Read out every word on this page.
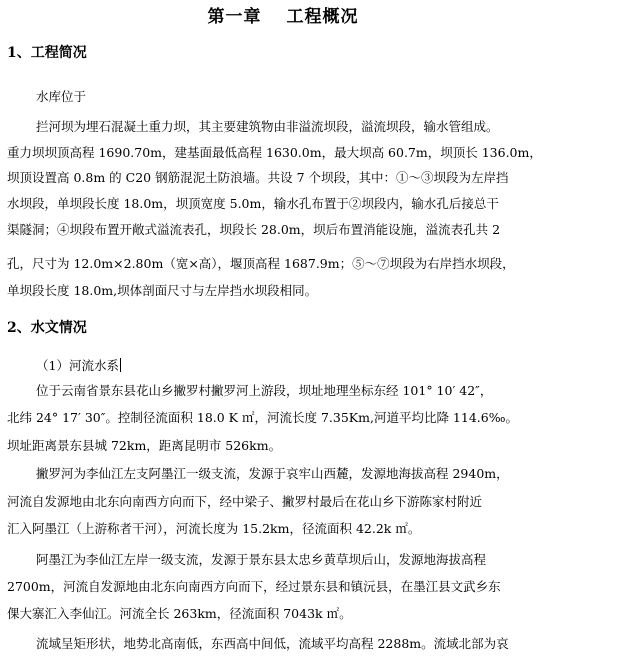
第一章　 工程概况
1、工程简况
水库位于
拦河坝为埋石混凝土重力坝，其主要建筑物由非溢流坝段，溢流坝段，输水管组成。
重力坝坝顶高程 1690.70m，建基面最低高程 1630.0m，最大坝高 60.7m，坝顶长 136.0m，
坝顶设置高 0.8m 的 C20 钢筋混泥土防浪墙。共设 7 个坝段，其中：①～③坝段为左岸挡
水坝段，单坝段长度 18.0m，坝顶宽度 5.0m，输水孔布置于②坝段内，输水孔后接总干
渠隧洞；④坝段布置开敞式溢流表孔，坝段长 28.0m，坝后布置消能设施，溢流表孔共 2
孔，尺寸为 12.0m×2.80m（宽×高），堰顶高程 1687.9m；⑤～⑦坝段为右岸挡水坝段，
单坝段长度 18.0m,坝体剖面尺寸与左岸挡水坝段相同。
2、水文情况
（1）河流水系
位于云南省景东县花山乡撇罗村撇罗河上游段，坝址地理坐标东经 101° 10′ 42″，
北纬 24° 17′ 30″。控制径流面积 18.0 K ㎡，河流长度 7.35Km,河道平均比降 114.6‰。
坝址距离景东县城 72km，距离昆明市 526km。
撇罗河为李仙江左支阿墨江一级支流，发源于哀牢山西麓，发源地海拔高程 2940m，
河流自发源地由北东向南西方向而下，经中梁子、撇罗村最后在花山乡下游陈家村附近
汇入阿墨江（上游称者干河），河流长度为 15.2km，径流面积 42.2k ㎡。
阿墨江为李仙江左岸一级支流，发源于景东县太忠乡黄草坝后山，发源地海拔高程
2700m，河流自发源地由北东向南西方向而下，经过景东县和镇沅县，在墨江县文武乡东
倮大寨汇入李仙江。河流全长 263km，径流面积 7043k ㎡。
流域呈矩形状，地势北高南低，东西高中间低，流域平均高程 2288m。流域北部为哀
